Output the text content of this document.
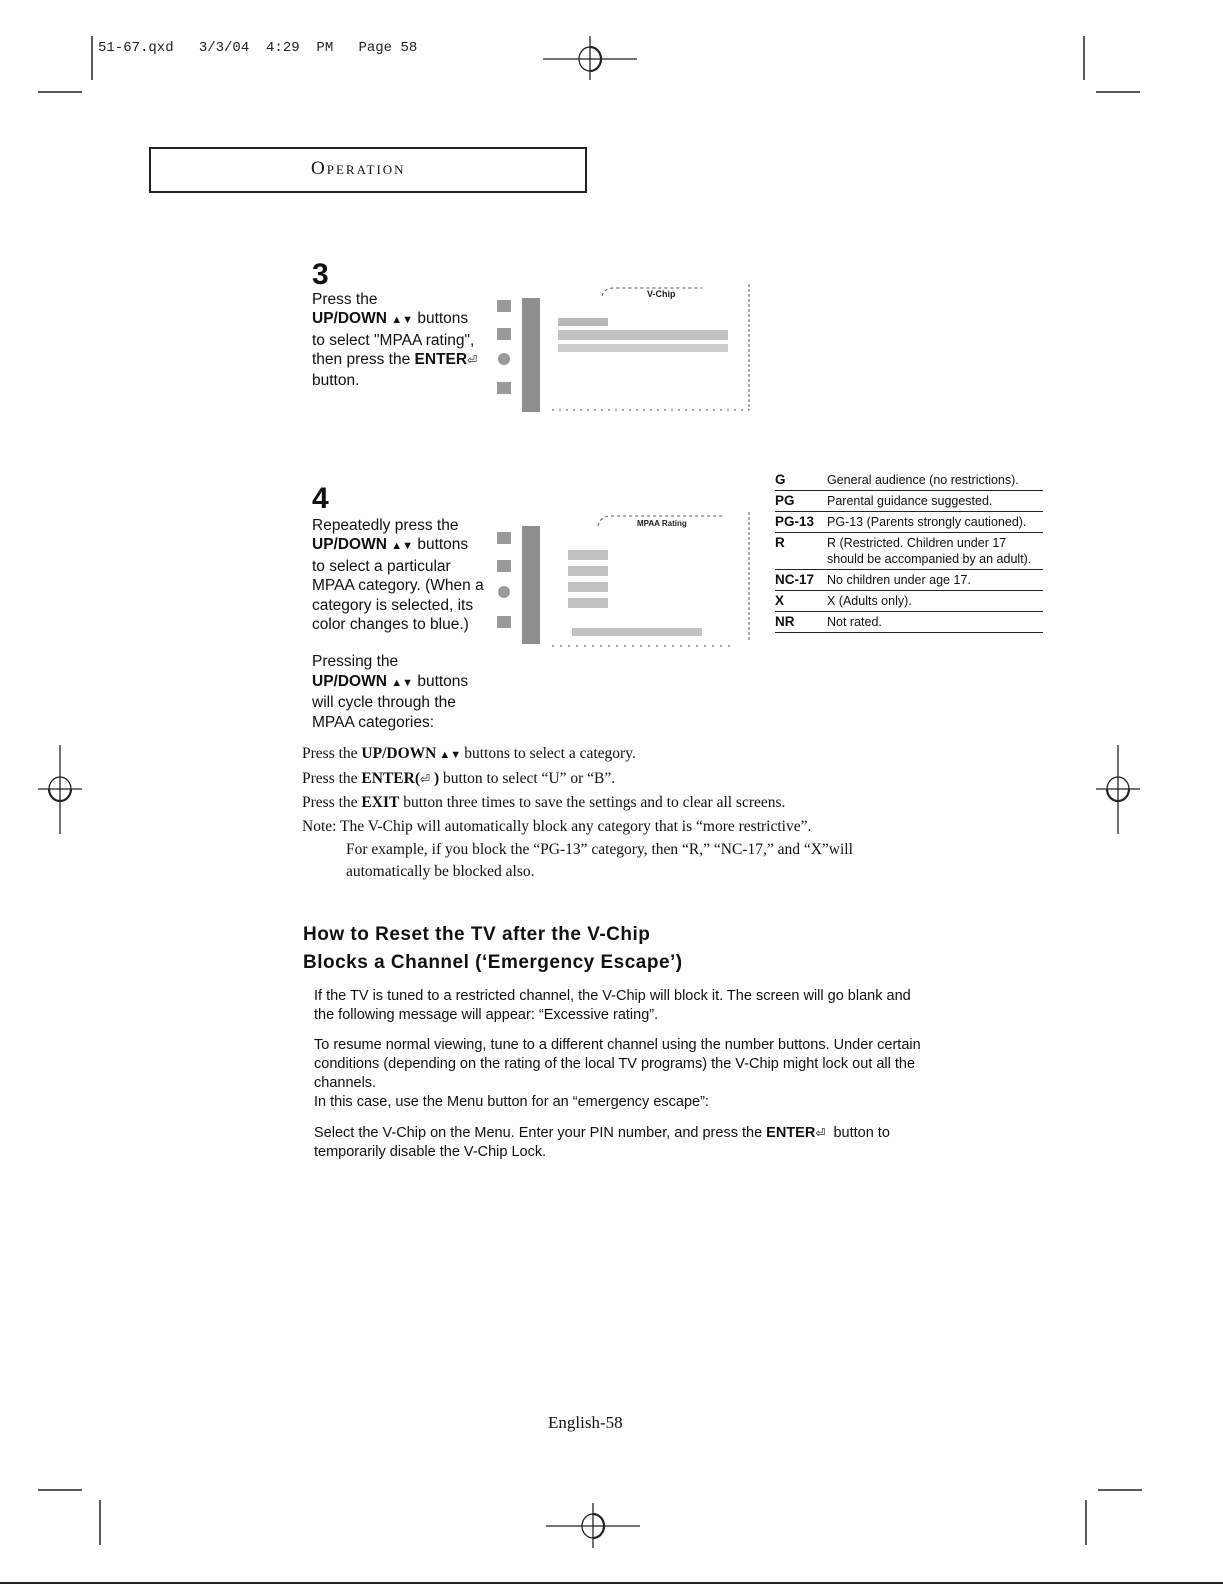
51-67.qxd   3/3/04  4:29  PM   Page 58
Operation
3
Press the
UP/DOWN ▲▼ buttons
to select "MPAA rating",
then press the ENTER⏎
button.
V-Chip
4
Repeatedly press the
UP/DOWN ▲▼ buttons
to select a particular
MPAA category. (When a
category is selected, its
color changes to blue.)
Pressing the
UP/DOWN ▲▼ buttons
will cycle through the
MPAA categories:
MPAA Rating
G	General audience (no restrictions).
PG	Parental guidance suggested.
PG-13	PG-13 (Parents strongly cautioned).
R	R (Restricted. Children under 17 should be accompanied by an adult).
NC-17	No children under age 17.
X	X (Adults only).
NR	Not rated.
Press the UP/DOWN ▲▼ buttons to select a category.
Press the ENTER(⏎ ) button to select “U” or “B”.
Press the EXIT button three times to save the settings and to clear all screens.
Note: The V-Chip will automatically block any category that is “more restrictive”.
For example, if you block the “PG-13” category, then “R,” “NC-17,” and “X”will
automatically be blocked also.
How to Reset the TV after the V-Chip
Blocks a Channel (‘Emergency Escape’)
If the TV is tuned to a restricted channel, the V-Chip will block it. The screen will go blank and
the following message will appear: “Excessive rating”.
To resume normal viewing, tune to a different channel using the number buttons. Under certain
conditions (depending on the rating of the local TV programs) the V-Chip might lock out all the
channels.
In this case, use the Menu button for an “emergency escape”:
Select the V-Chip on the Menu. Enter your PIN number, and press the ENTER⏎  button to
temporarily disable the V-Chip Lock.
English-58
